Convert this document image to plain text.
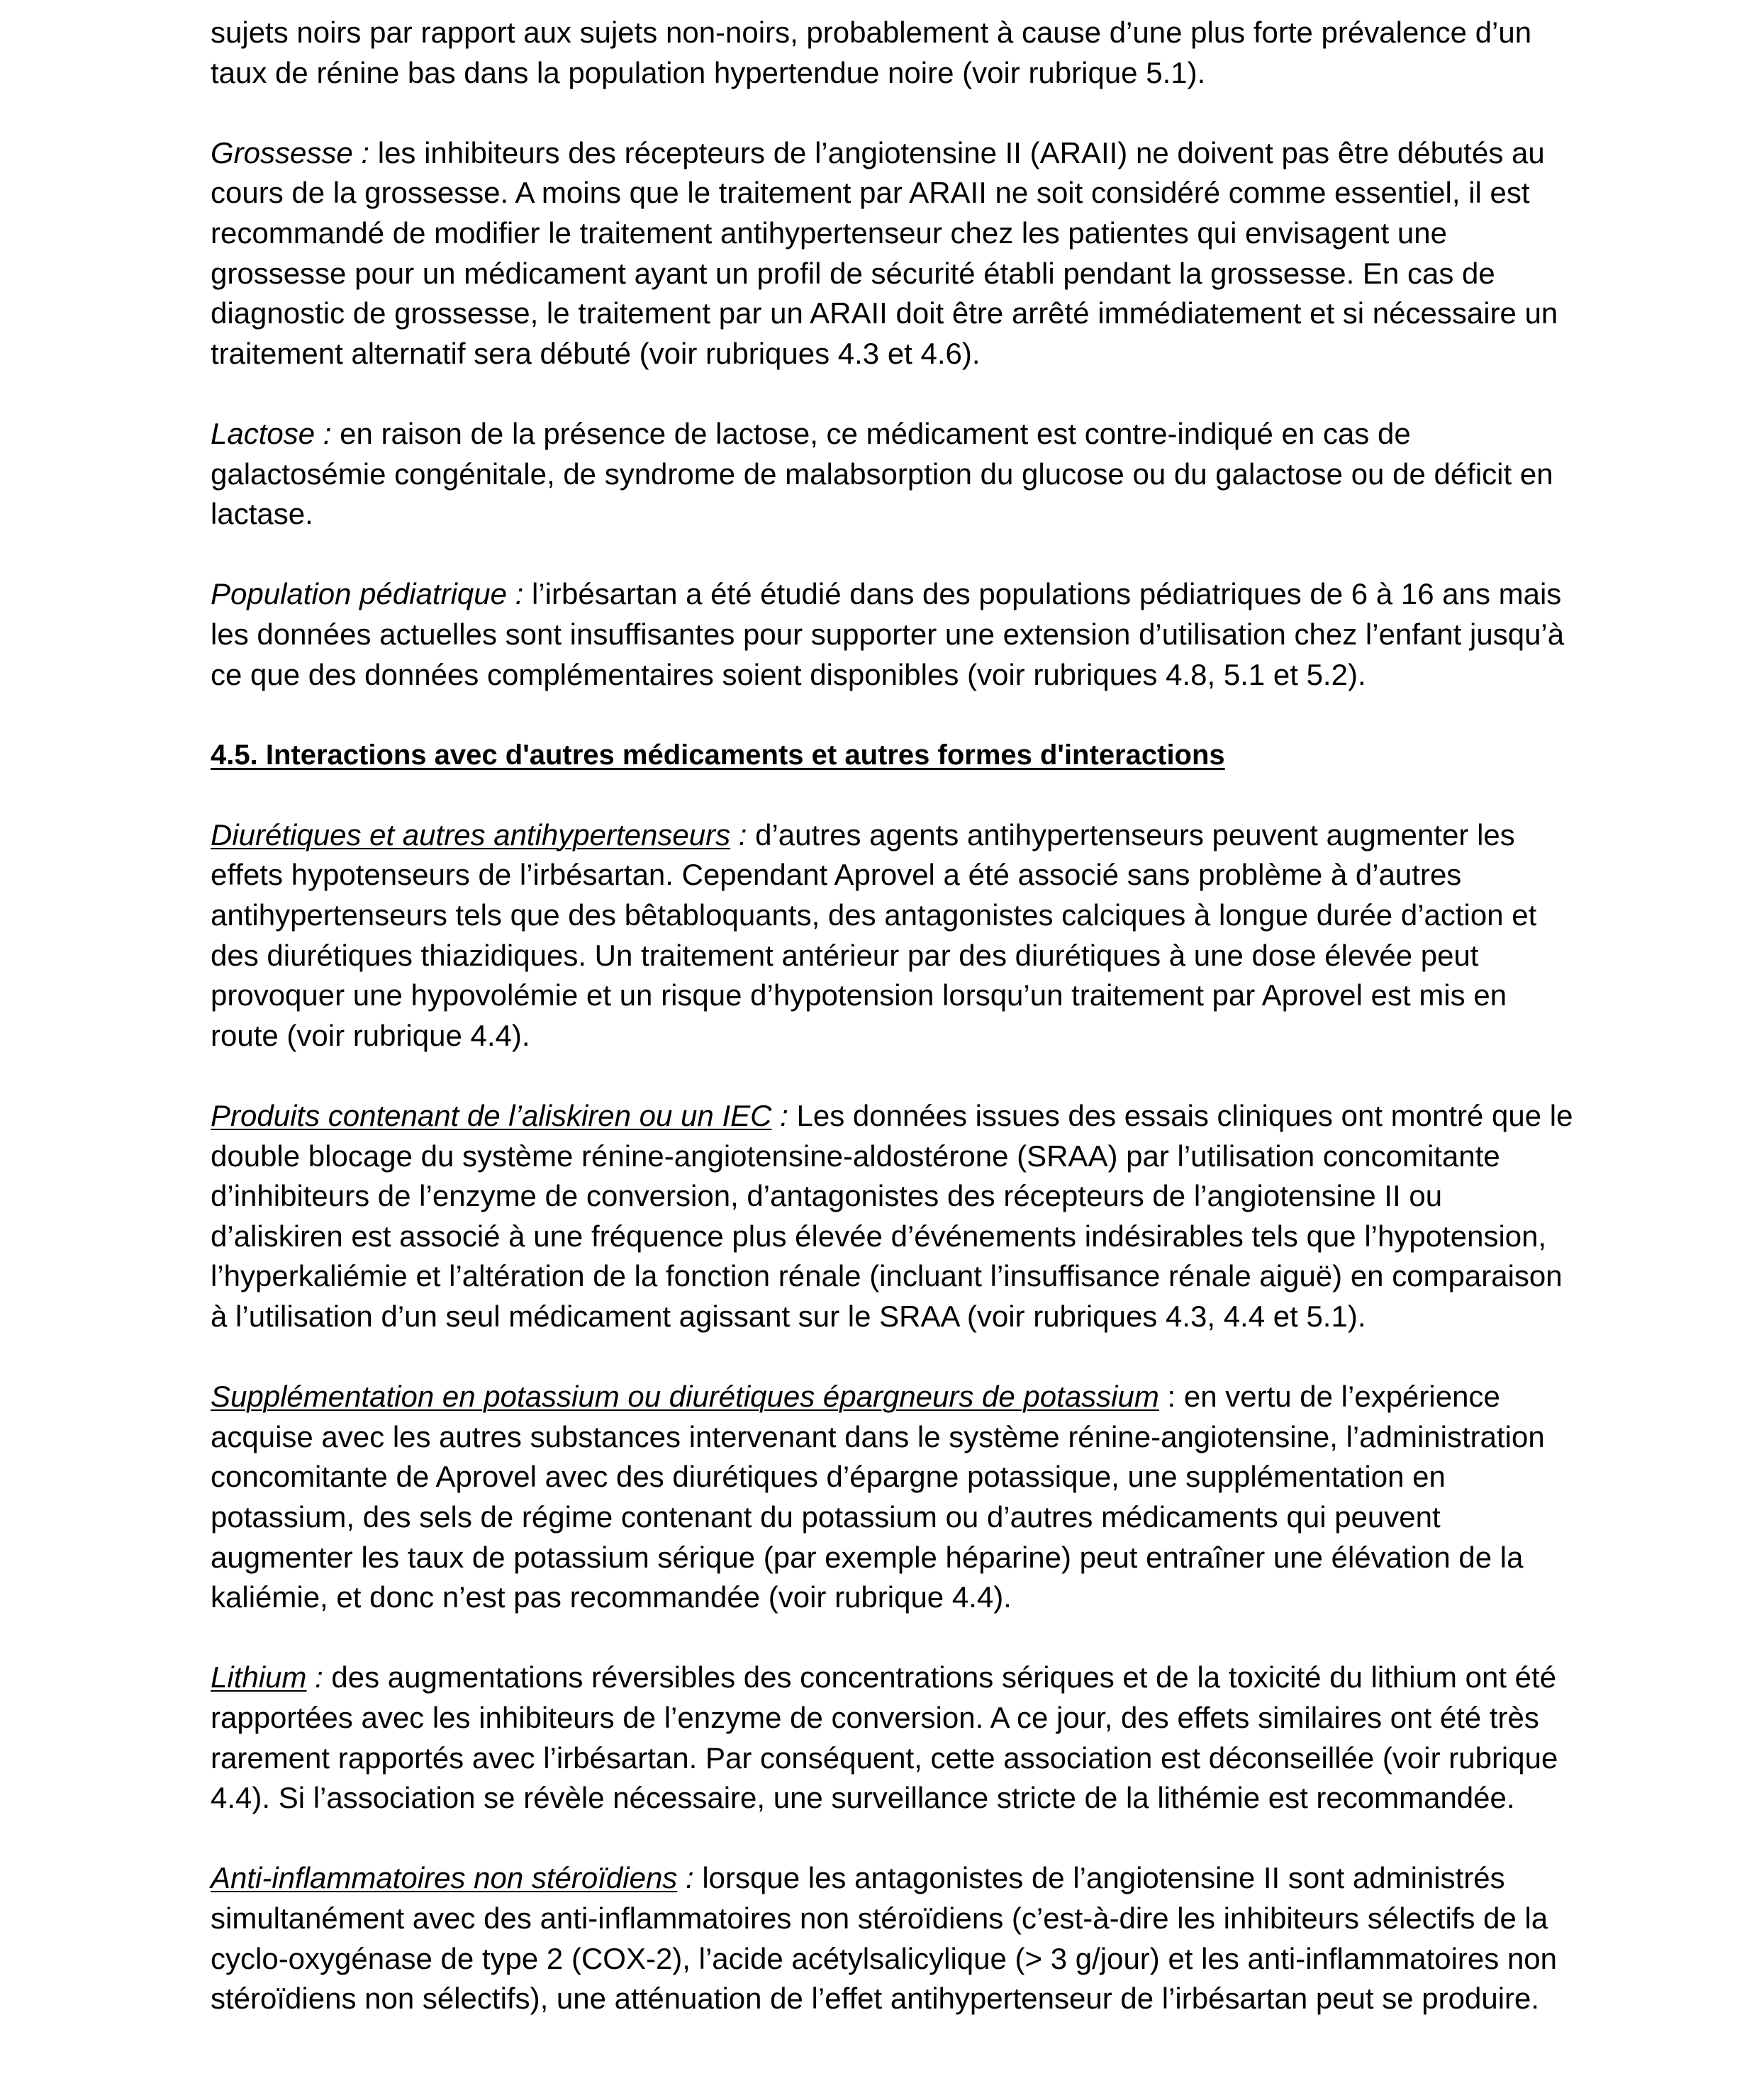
sujets noirs par rapport aux sujets non-noirs, probablement à cause d’une plus forte prévalence d’un taux de rénine bas dans la population hypertendue noire (voir rubrique 5.1).

Grossesse : les inhibiteurs des récepteurs de l’angiotensine II (ARAII) ne doivent pas être débutés au cours de la grossesse. A moins que le traitement par ARAII ne soit considéré comme essentiel, il est recommandé de modifier le traitement antihypertenseur chez les patientes qui envisagent une grossesse pour un médicament ayant un profil de sécurité établi pendant la grossesse. En cas de diagnostic de grossesse, le traitement par un ARAII doit être arrêté immédiatement et si nécessaire un traitement alternatif sera débuté (voir rubriques 4.3 et 4.6).

Lactose : en raison de la présence de lactose, ce médicament est contre-indiqué en cas de galactosémie congénitale, de syndrome de malabsorption du glucose ou du galactose ou de déficit en lactase.

Population pédiatrique : l’irbésartan a été étudié dans des populations pédiatriques de 6 à 16 ans mais les données actuelles sont insuffisantes pour supporter une extension d’utilisation chez l’enfant jusqu’à ce que des données complémentaires soient disponibles (voir rubriques 4.8, 5.1 et 5.2).

4.5. Interactions avec d'autres médicaments et autres formes d'interactions

Diurétiques et autres antihypertenseurs : d’autres agents antihypertenseurs peuvent augmenter les effets hypotenseurs de l’irbésartan. Cependant Aprovel a été associé sans problème à d’autres antihypertenseurs tels que des bêtabloquants, des antagonistes calciques à longue durée d’action et des diurétiques thiazidiques. Un traitement antérieur par des diurétiques à une dose élevée peut provoquer une hypovolémie et un risque d’hypotension lorsqu’un traitement par Aprovel est mis en route (voir rubrique 4.4).

Produits contenant de l’aliskiren ou un IEC : Les données issues des essais cliniques ont montré que le double blocage du système rénine-angiotensine-aldostérone (SRAA) par l’utilisation concomitante d’inhibiteurs de l’enzyme de conversion, d’antagonistes des récepteurs de l’angiotensine II ou d’aliskiren est associé à une fréquence plus élevée d’événements indésirables tels que l’hypotension, l’hyperkaliémie et l’altération de la fonction rénale (incluant l’insuffisance rénale aiguë) en comparaison à l’utilisation d’un seul médicament agissant sur le SRAA (voir rubriques 4.3, 4.4 et 5.1).

Supplémentation en potassium ou diurétiques épargneurs de potassium : en vertu de l’expérience acquise avec les autres substances intervenant dans le système rénine-angiotensine, l’administration concomitante de Aprovel avec des diurétiques d’épargne potassique, une supplémentation en potassium, des sels de régime contenant du potassium ou d’autres médicaments qui peuvent augmenter les taux de potassium sérique (par exemple héparine) peut entraîner une élévation de la kaliémie, et donc n’est pas recommandée (voir rubrique 4.4).

Lithium : des augmentations réversibles des concentrations sériques et de la toxicité du lithium ont été rapportées avec les inhibiteurs de l’enzyme de conversion. A ce jour, des effets similaires ont été très rarement rapportés avec l’irbésartan. Par conséquent, cette association est déconseillée (voir rubrique 4.4). Si l’association se révèle nécessaire, une surveillance stricte de la lithémie est recommandée.

Anti-inflammatoires non stéroïdiens : lorsque les antagonistes de l’angiotensine II sont administrés simultanément avec des anti-inflammatoires non stéroïdiens (c’est-à-dire les inhibiteurs sélectifs de la cyclo-oxygénase de type 2 (COX-2), l’acide acétylsalicylique (> 3 g/jour) et les anti-inflammatoires non stéroïdiens non sélectifs), une atténuation de l’effet antihypertenseur de l’irbésartan peut se produire.
